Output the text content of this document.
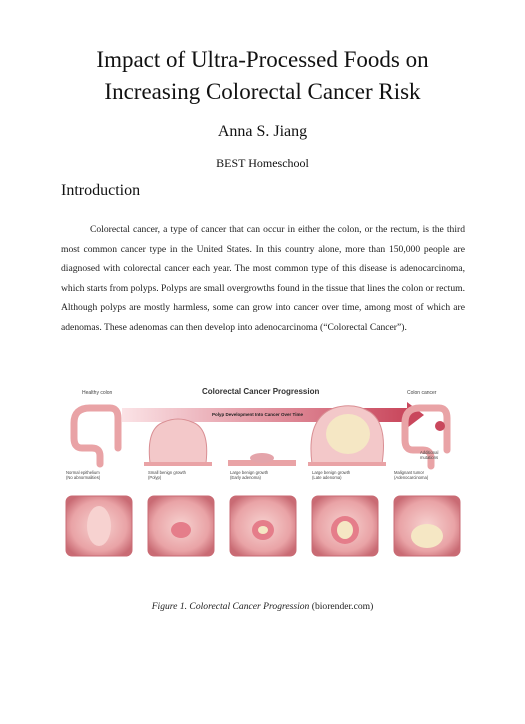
Impact of Ultra-Processed Foods on
Increasing Colorectal Cancer Risk
Anna S. Jiang
BEST Homeschool
Introduction

Colorectal cancer, a type of cancer that can occur in either the colon, or the rectum, is the third most common cancer type in the United States. In this country alone, more than 150,000 people are diagnosed with colorectal cancer each year. The most common type of this disease is adenocarcinoma, which starts from polyps. Polyps are small overgrowths found in the tissue that lines the colon or rectum. Although polyps are mostly harmless, some can grow into cancer over time, among most of which are adenomas. These adenomas can then develop into adenocarcinoma (“Colorectal Cancer”).

Colorectal Cancer Progression
Healthy colon	Colon cancer
Polyp Development Into Cancer Over Time
Additional mutations
Normal epithelium
(No abnormalities)
Small benign growth
(Polyp)
Large benign growth
(Early adenoma)
Large benign growth
(Late adenoma)
Malignant tumor
(Adenocarcinoma)
Figure 1. Colorectal Cancer Progression (biorender.com)
